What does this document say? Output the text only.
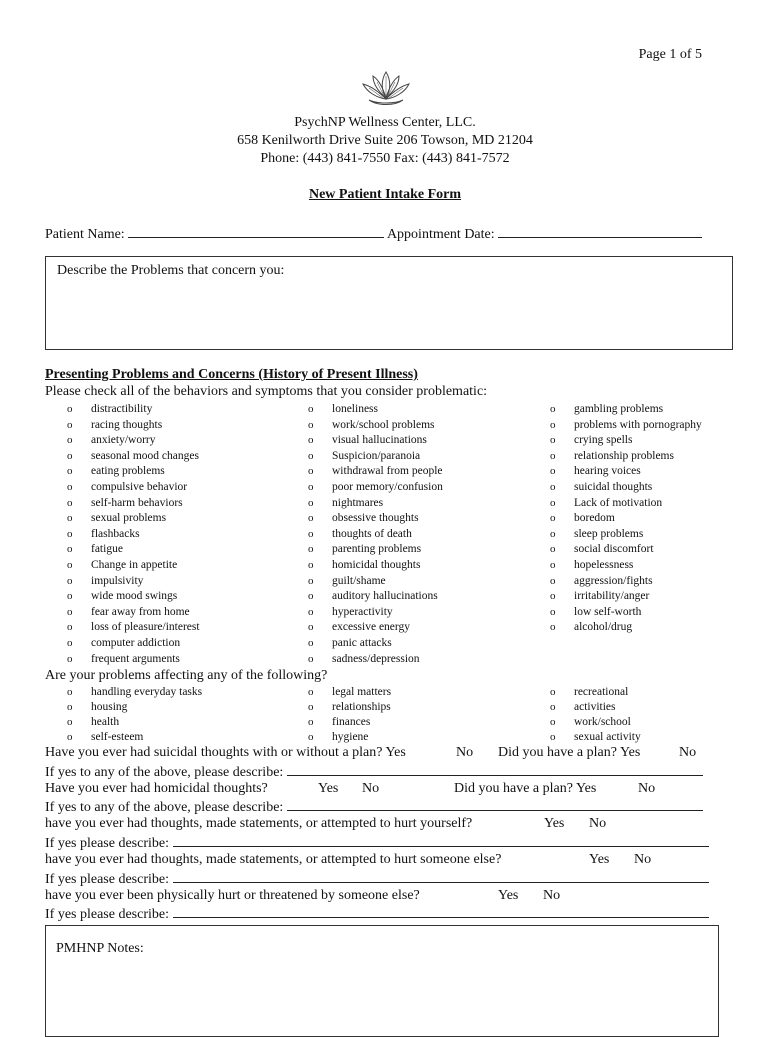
Page 1 of 5
PsychNP Wellness Center, LLC.
658 Kenilworth Drive Suite 206 Towson, MD 21204
Phone: (443) 841-7550 Fax: (443) 841-7572
New Patient Intake Form
Patient Name:	Appointment Date:
Describe the Problems that concern you:
Presenting Problems and Concerns (History of Present Illness)
Please check all of the behaviors and symptoms that you consider problematic:
o	distractibility
o	racing thoughts
o	anxiety/worry
o	seasonal mood changes
o	eating problems
o	compulsive behavior
o	self-harm behaviors
o	sexual problems
o	flashbacks
o	fatigue
o	Change in appetite
o	impulsivity
o	wide mood swings
o	fear away from home
o	loss of pleasure/interest
o	computer addiction
o	frequent arguments
o	loneliness
o	work/school problems
o	visual hallucinations
o	Suspicion/paranoia
o	withdrawal from people
o	poor memory/confusion
o	nightmares
o	obsessive thoughts
o	thoughts of death
o	parenting problems
o	homicidal thoughts
o	guilt/shame
o	auditory hallucinations
o	hyperactivity
o	excessive energy
o	panic attacks
o	sadness/depression
o	gambling problems
o	problems with pornography
o	crying spells
o	relationship problems
o	hearing voices
o	suicidal thoughts
o	Lack of motivation
o	boredom
o	sleep problems
o	social discomfort
o	hopelessness
o	aggression/fights
o	irritability/anger
o	low self-worth
o	alcohol/drug
Are your problems affecting any of the following?
o	handling everyday tasks
o	housing
o	health
o	self-esteem
o	legal matters
o	relationships
o	finances
o	hygiene
o	recreational
o	activities
o	work/school
o	sexual activity
Have you ever had suicidal thoughts with or without a plan? Yes	No Did you have a plan? Yes	No
If yes to any of the above, please describe:
Have you ever had homicidal thoughts?	Yes No	Did you have a plan? Yes	No
If yes to any of the above, please describe:
have you ever had thoughts, made statements, or attempted to hurt yourself?	Yes No
If yes please describe:
have you ever had thoughts, made statements, or attempted to hurt someone else?	Yes No
If yes please describe:
have you ever been physically hurt or threatened by someone else?	Yes No
If yes please describe:
PMHNP Notes:
